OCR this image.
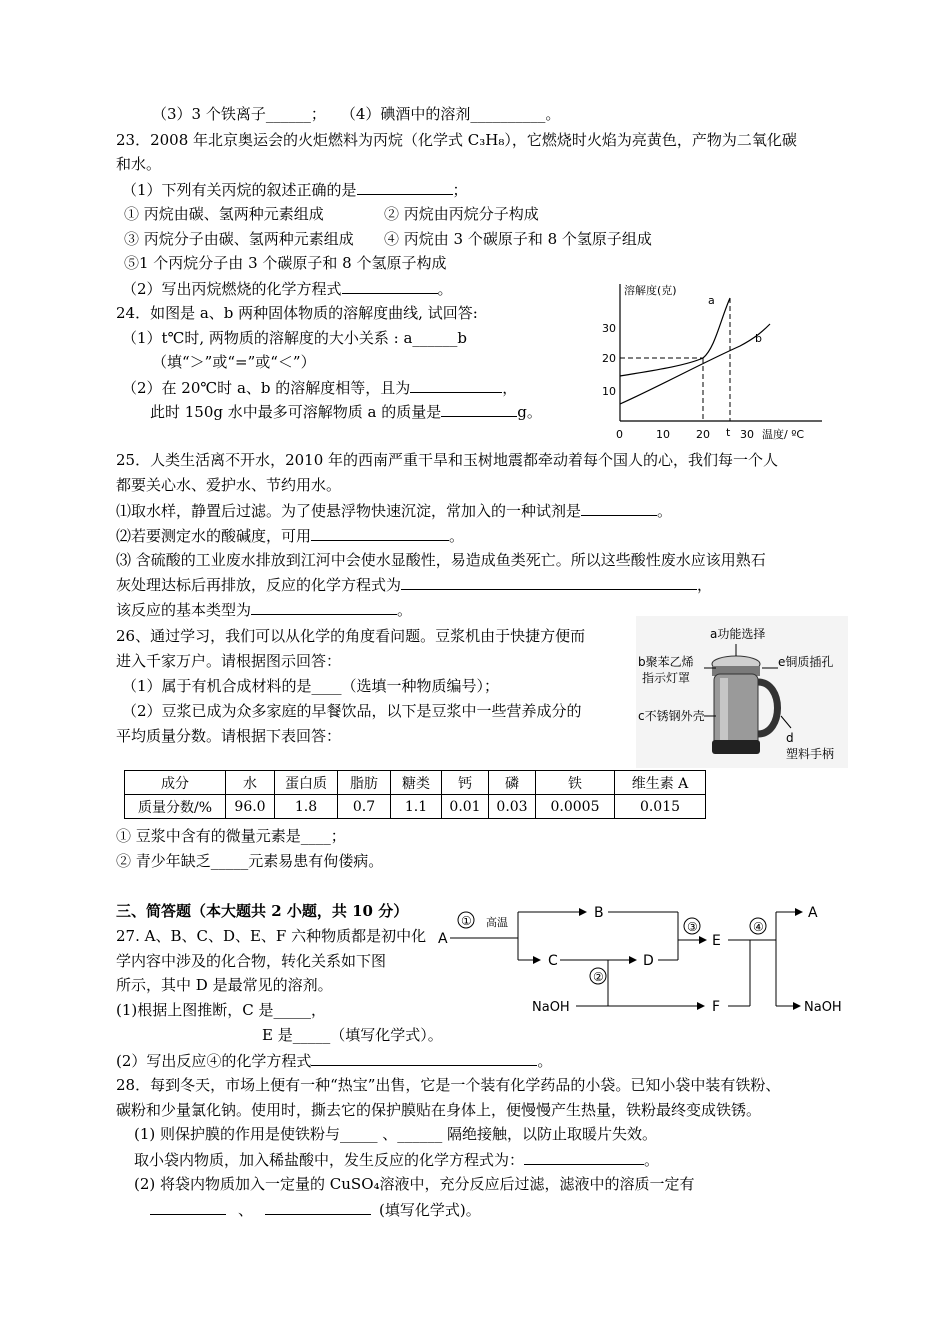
（3）3 个铁离子______；　　（4）碘酒中的溶剂__________。
23．2008 年北京奥运会的火炬燃料为丙烷（化学式 C₃H₈），它燃烧时火焰为亮黄色，产物为二氧化碳
和水。
（1）下列有关丙烷的叙述正确的是	；
① 丙烷由碳、氢两种元素组成	② 丙烷由丙烷分子构成
③ 丙烷分子由碳、氢两种元素组成 ④ 丙烷由 3 个碳原子和 8 个氢原子组成
⑤1 个丙烷分子由 3 个碳原子和 8 个氢原子构成
（2）写出丙烷燃烧的化学方程式	。
24．如图是 a、b 两种固体物质的溶解度曲线, 试回答:
（1）t℃时, 两物质的溶解度的大小关系 : a______b
（填“＞”或“=”或“＜”）
（2）在 20℃时 a、b 的溶解度相等，且为	，
此时 150g 水中最多可溶解物质 a 的质量是	g。
溶解度(克)
30
20
10
0	10 20 t 30 温度/ ºC
a
b
25．人类生活离不开水，2010 年的西南严重干旱和玉树地震都牵动着每个国人的心，我们每一个人
都要关心水、爱护水、节约用水。
⑴取水样，静置后过滤。为了使悬浮物快速沉淀，常加入的一种试剂是	。
⑵若要测定水的酸碱度，可用	。
⑶ 含硫酸的工业废水排放到江河中会使水显酸性，易造成鱼类死亡。所以这些酸性废水应该用熟石
灰处理达标后再排放，反应的化学方程式为	，
该反应的基本类型为	。
26、通过学习，我们可以从化学的角度看问题。豆浆机由于快捷方便而
进入千家万户。请根据图示回答：
（1）属于有机合成材料的是____（选填一种物质编号）；
（2）豆浆已成为众多家庭的早餐饮品，以下是豆浆中一些营养成分的
平均质量分数。请根据下表回答：
a功能选择
b聚苯乙烯
指示灯罩
e铜质插孔
c不锈钢外壳
d
塑料手柄
成分	水	蛋白质	脂肪	糖类	钙	磷	铁	维生素 A
质量分数/%	96.0	1.8	0.7	1.1	0.01	0.03	0.0005	0.015
① 豆浆中含有的微量元素是____；
② 青少年缺乏_____元素易患有佝偻病。
三、简答题（本大题共 2 小题，共 10 分）
27. A、B、C、D、E、F 六种物质都是初中化
学内容中涉及的化合物，转化关系如下图
所示，其中 D 是最常见的溶剂。
(1)根据上图推断，C 是_____，
E 是_____（填写化学式）。
(2）写出反应④的化学方程式	。
A
① 高温
B
C
③
②
D
NaOH	F
E
④
A
NaOH
28．每到冬天，市场上便有一种“热宝”出售，它是一个装有化学药品的小袋。已知小袋中装有铁粉、
碳粉和少量氯化钠。使用时，撕去它的保护膜贴在身体上，便慢慢产生热量，铁粉最终变成铁锈。
(1) 则保护膜的作用是使铁粉与_____ 、______ 隔绝接触，以防止取暖片失效。
取小袋内物质，加入稀盐酸中，发生反应的化学方程式为：	。
(2) 将袋内物质加入一定量的 CuSO₄溶液中，充分反应后过滤，滤液中的溶质一定有
、	(填写化学式)。
